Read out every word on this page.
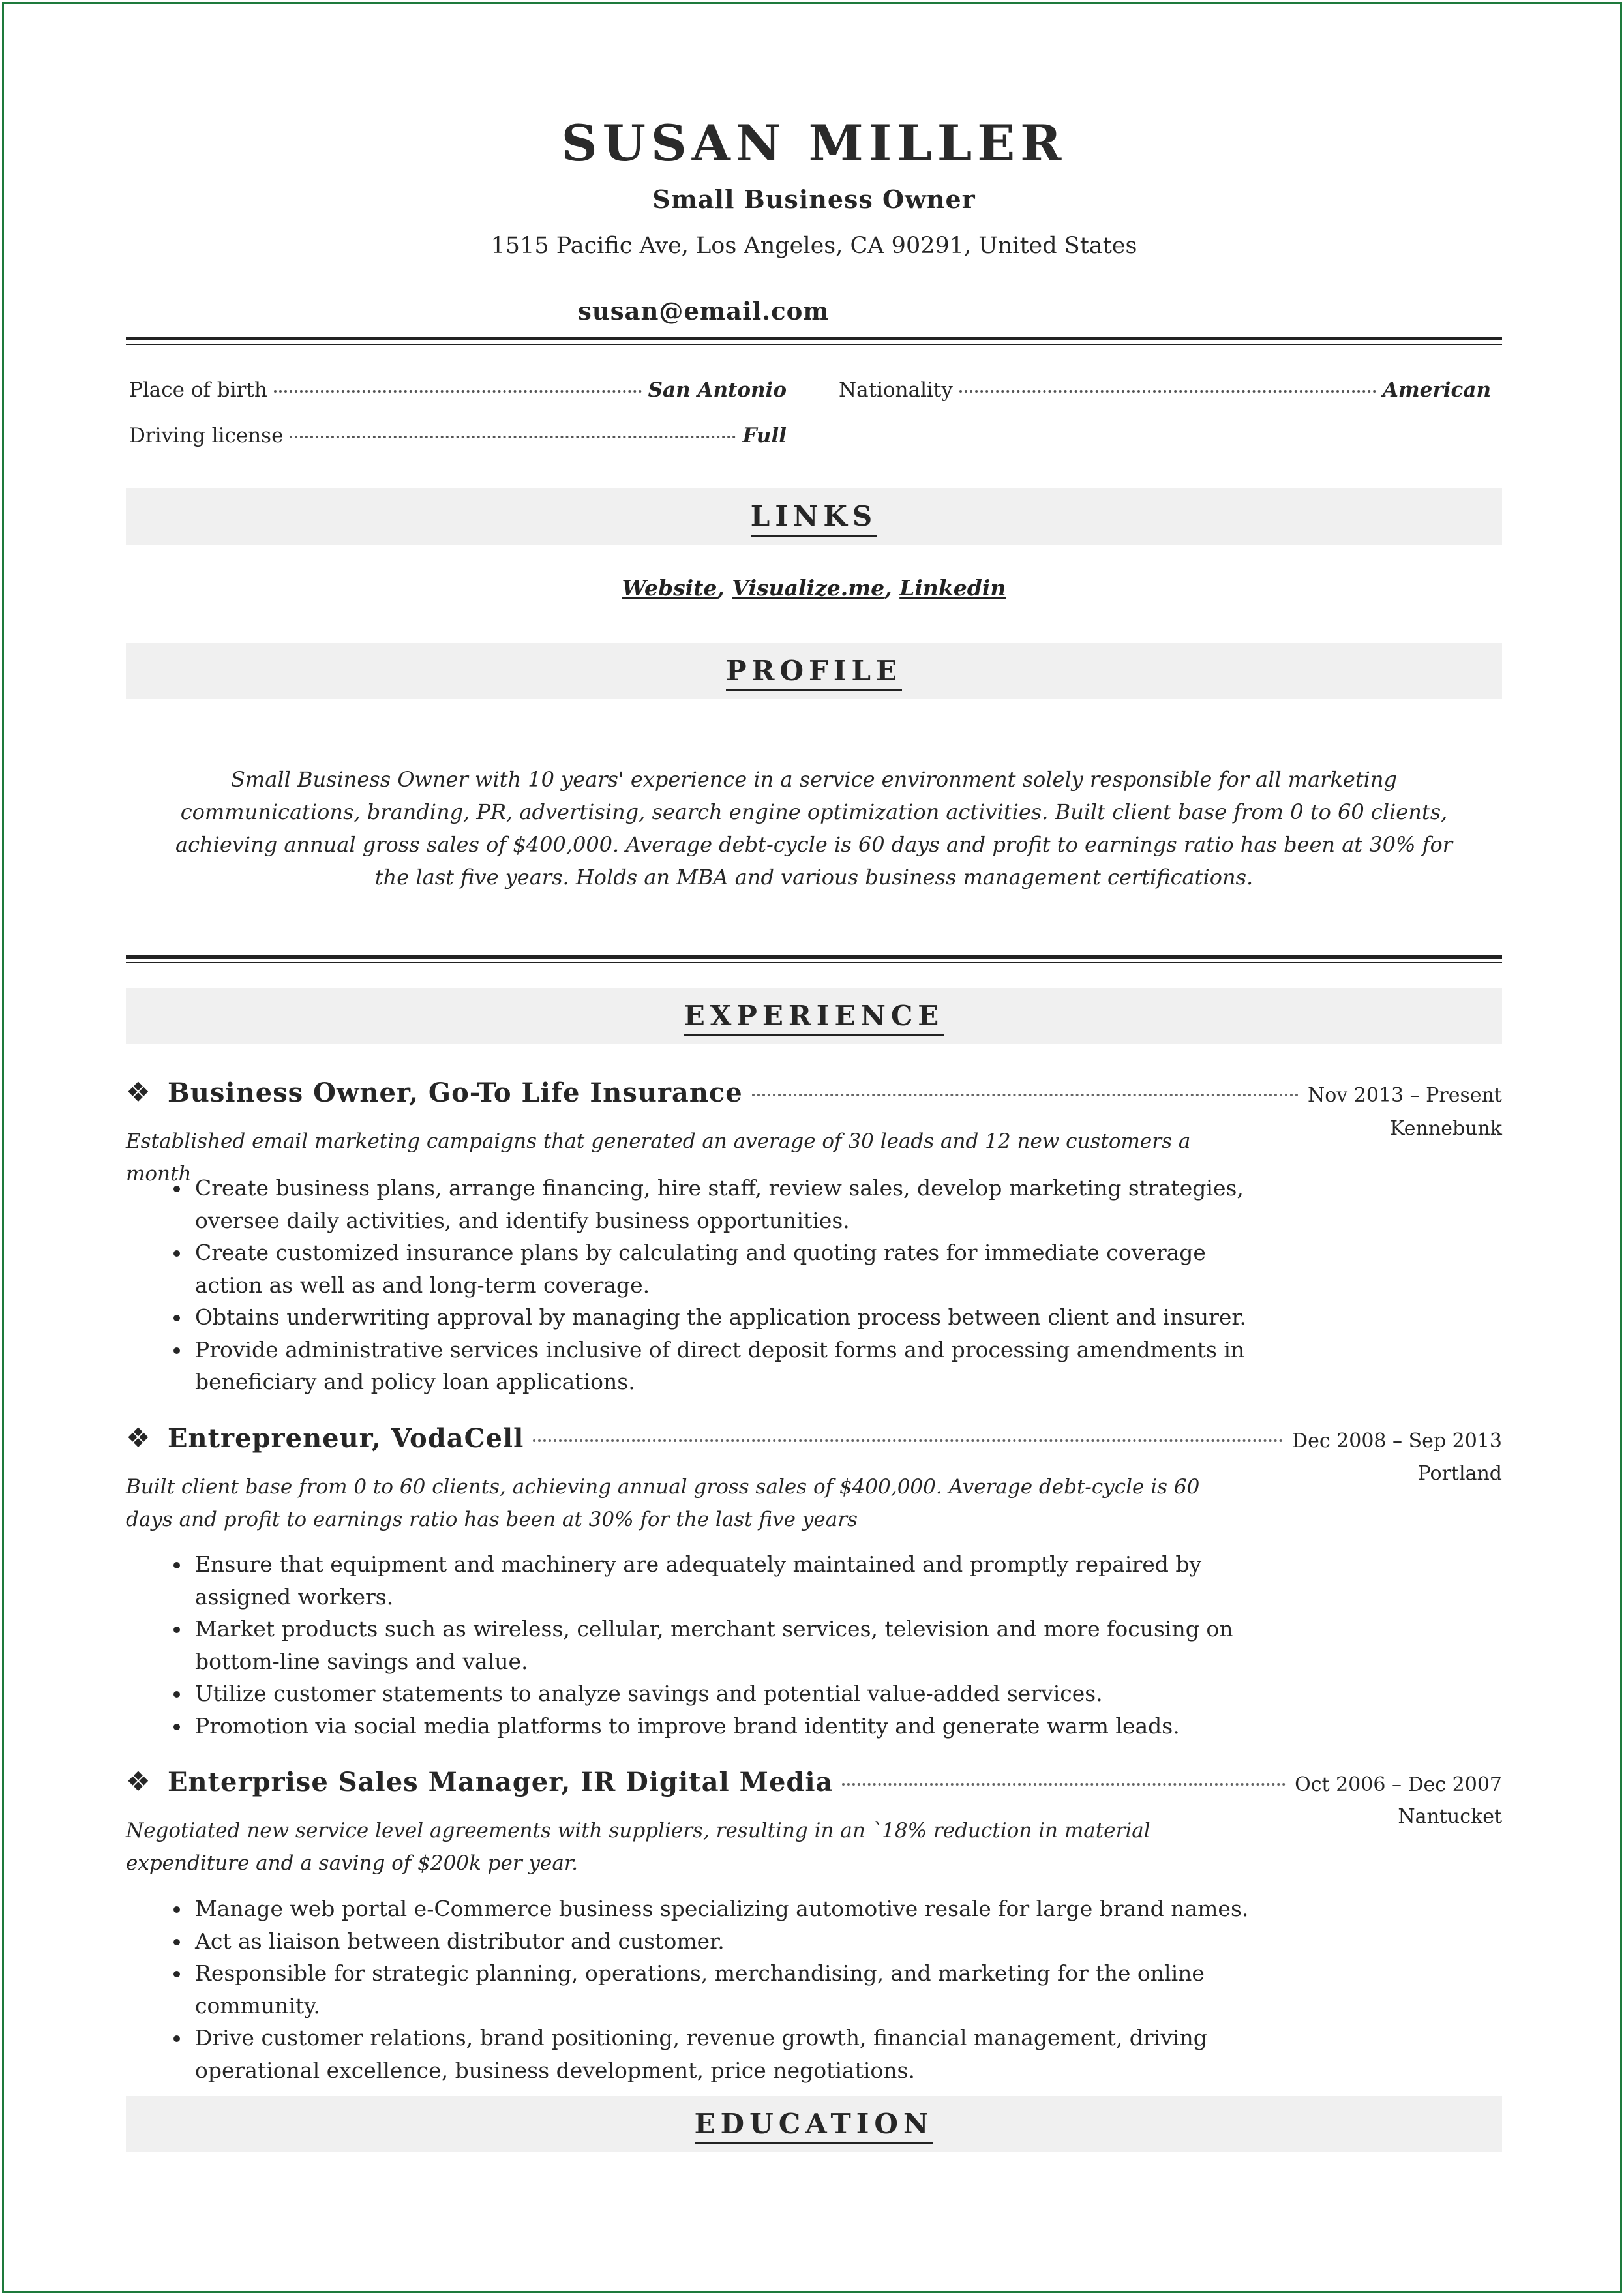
SUSAN MILLER
Small Business Owner
1515 Pacific Ave, Los Angeles, CA 90291, United States
susan@email.com
Place of birth	San Antonio	Nationality	American
Driving license	Full
LINKS
Website, Visualize.me, Linkedin
PROFILE
Small Business Owner with 10 years' experience in a service environment solely responsible for all marketing communications, branding, PR, advertising, search engine optimization activities. Built client base from 0 to 60 clients, achieving annual gross sales of $400,000. Average debt-cycle is 60 days and profit to earnings ratio has been at 30% for the last five years. Holds an MBA and various business management certifications.
EXPERIENCE
❖ Business Owner, Go-To Life Insurance	Nov 2013 – Present
Kennebunk
Established email marketing campaigns that generated an average of 30 leads and 12 new customers a month
• Create business plans, arrange financing, hire staff, review sales, develop marketing strategies, oversee daily activities, and identify business opportunities.
• Create customized insurance plans by calculating and quoting rates for immediate coverage action as well as and long-term coverage.
• Obtains underwriting approval by managing the application process between client and insurer.
• Provide administrative services inclusive of direct deposit forms and processing amendments in beneficiary and policy loan applications.
❖ Entrepreneur, VodaCell	Dec 2008 – Sep 2013
Portland
Built client base from 0 to 60 clients, achieving annual gross sales of $400,000. Average debt-cycle is 60 days and profit to earnings ratio has been at 30% for the last five years
• Ensure that equipment and machinery are adequately maintained and promptly repaired by assigned workers.
• Market products such as wireless, cellular, merchant services, television and more focusing on bottom-line savings and value.
• Utilize customer statements to analyze savings and potential value-added services.
• Promotion via social media platforms to improve brand identity and generate warm leads.
❖ Enterprise Sales Manager, IR Digital Media	Oct 2006 – Dec 2007
Nantucket
Negotiated new service level agreements with suppliers, resulting in an `18% reduction in material expenditure and a saving of $200k per year.
• Manage web portal e-Commerce business specializing automotive resale for large brand names.
• Act as liaison between distributor and customer.
• Responsible for strategic planning, operations, merchandising, and marketing for the online community.
• Drive customer relations, brand positioning, revenue growth, financial management, driving operational excellence, business development, price negotiations.
EDUCATION
